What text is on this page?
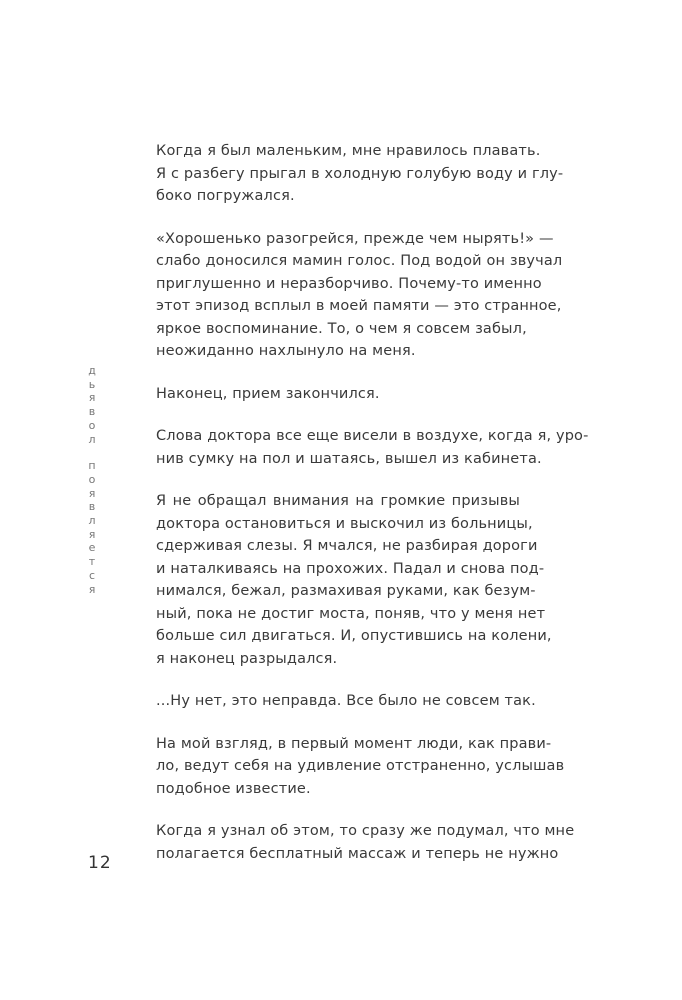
д
ь
я
в
о
л
п
о
я
в
л
я
е
т
с
я
Когда я был маленьким, мне нравилось плавать.
Я с разбегу прыгал в холодную голубую воду и глу-
боко погружался.
«Хорошенько разогрейся, прежде чем нырять!» —
слабо доносился мамин голос. Под водой он звучал
приглушенно и неразборчиво. Почему-то именно
этот эпизод всплыл в моей памяти — это странное,
яркое воспоминание. То, о чем я совсем забыл,
неожиданно нахлынуло на меня.
Наконец, прием закончился.
Слова доктора все еще висели в воздухе, когда я, уро-
нив сумку на пол и шатаясь, вышел из кабинета.
Я не обращал внимания на громкие призывы
доктора остановиться и выскочил из больницы,
сдерживая слезы. Я мчался, не разбирая дороги
и наталкиваясь на прохожих. Падал и снова под-
нимался, бежал, размахивая руками, как безум-
ный, пока не достиг моста, поняв, что у меня нет
больше сил двигаться. И, опустившись на колени,
я наконец разрыдался.
...Ну нет, это неправда. Все было не совсем так.
На мой взгляд, в первый момент люди, как прави-
ло, ведут себя на удивление отстраненно, услышав
подобное известие.
Когда я узнал об этом, то сразу же подумал, что мне
полагается бесплатный массаж и теперь не нужно
12
